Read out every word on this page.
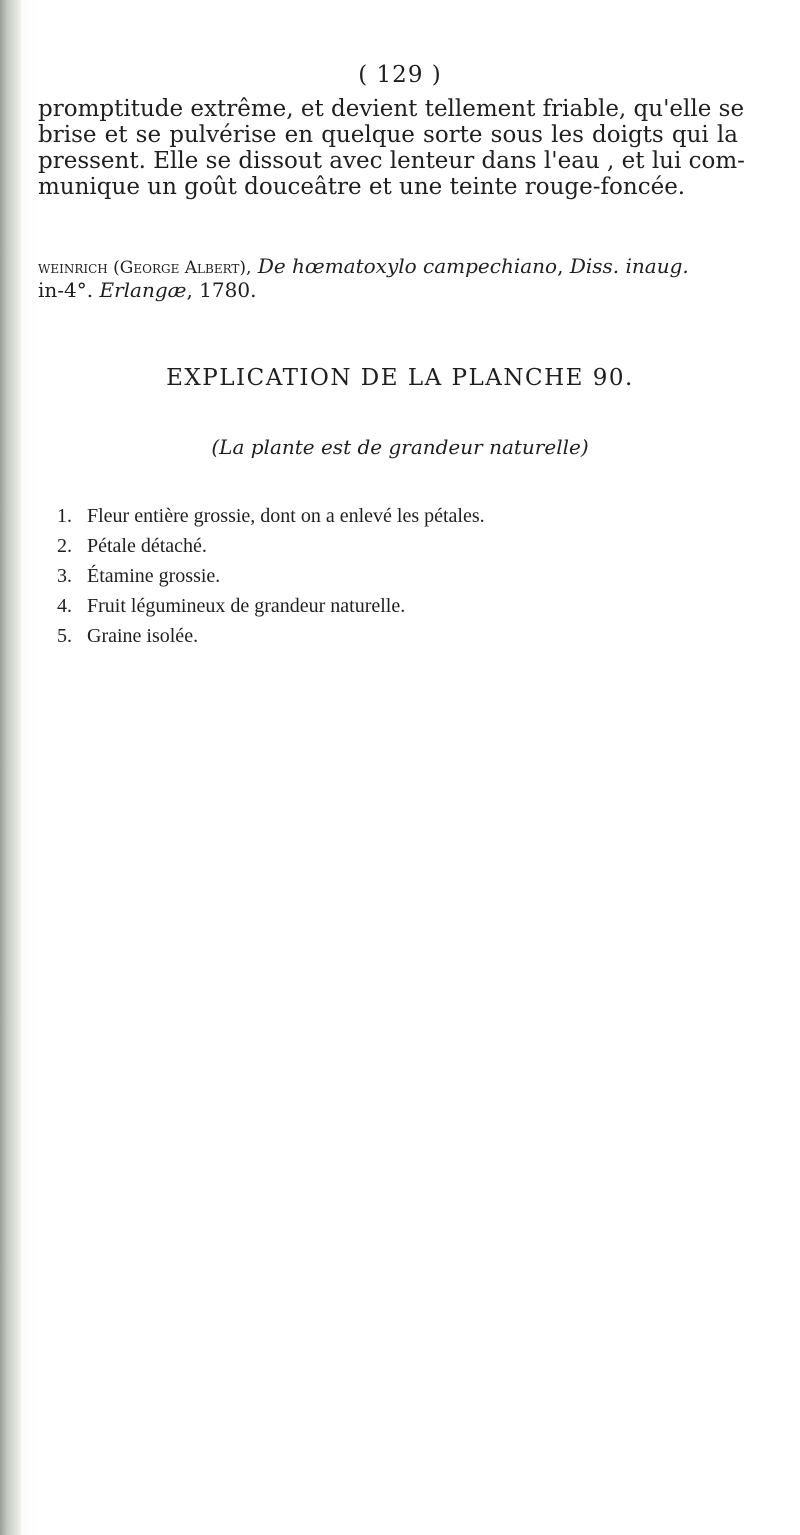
( 129 )
promptitude extrême, et devient tellement friable, qu'elle se
brise et se pulvérise en quelque sorte sous les doigts qui la
pressent. Elle se dissout avec lenteur dans l'eau , et lui com-
munique un goût douceâtre et une teinte rouge-foncée.
weinrich (George Albert), De hœmatoxylo campechiano, Diss. inaug.
in-4°. Erlangæ, 1780.
EXPLICATION DE LA PLANCHE 90.
(La plante est de grandeur naturelle)
1. Fleur entière grossie, dont on a enlevé les pétales.
2. Pétale détaché.
3. Étamine grossie.
4. Fruit légumineux de grandeur naturelle.
5. Graine isolée.
